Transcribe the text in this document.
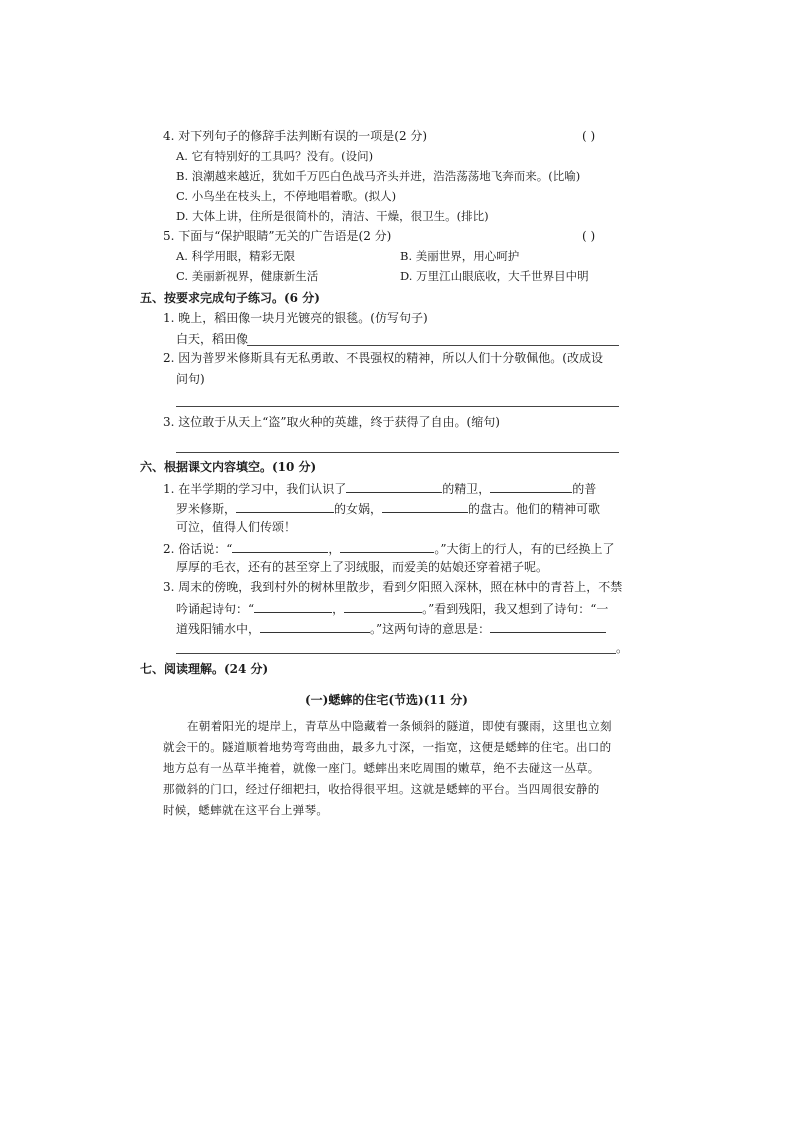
4. 对下列句子的修辞手法判断有误的一项是(2 分)	( )
A. 它有特别好的工具吗？没有。(设问)
B. 浪潮越来越近，犹如千万匹白色战马齐头并进，浩浩荡荡地飞奔而来。(比喻)
C. 小鸟坐在枝头上，不停地唱着歌。(拟人)
D. 大体上讲，住所是很简朴的，清洁、干燥，很卫生。(排比)
5. 下面与“保护眼睛”无关的广告语是(2 分)	( )
A. 科学用眼，精彩无限	B. 美丽世界，用心呵护
C. 美丽新视界，健康新生活	D. 万里江山眼底收，大千世界目中明
五、按要求完成句子练习。(6 分)
1. 晚上，稻田像一块月光镀亮的银毯。(仿写句子)
白天，稻田像
2. 因为普罗米修斯具有无私勇敢、不畏强权的精神，所以人们十分敬佩他。(改成设
问句)
3. 这位敢于从天上“盗”取火种的英雄，终于获得了自由。(缩句)
六、根据课文内容填空。(10 分)
1. 在半学期的学习中，我们认识了	的精卫，	的普
罗米修斯，	的女娲，	的盘古。他们的精神可歌
可泣，值得人们传颂！
2. 俗话说：“	，	。”大街上的行人，有的已经换上了
厚厚的毛衣，还有的甚至穿上了羽绒服，而爱美的姑娘还穿着裙子呢。
3. 周末的傍晚，我到村外的树林里散步，看到夕阳照入深林，照在林中的青苔上，不禁
吟诵起诗句：“	，	。”看到残阳，我又想到了诗句：“一
道残阳铺水中，	。”这两句诗的意思是：
。
七、阅读理解。(24 分)
(一)蟋蟀的住宅(节选)(11 分)
在朝着阳光的堤岸上，青草丛中隐藏着一条倾斜的隧道，即使有骤雨，这里也立刻
就会干的。隧道顺着地势弯弯曲曲，最多九寸深，一指宽，这便是蟋蟀的住宅。出口的
地方总有一丛草半掩着，就像一座门。蟋蟀出来吃周围的嫩草，绝不去碰这一丛草。
那微斜的门口，经过仔细耙扫，收拾得很平坦。这就是蟋蟀的平台。当四周很安静的
时候，蟋蟀就在这平台上弹琴。
